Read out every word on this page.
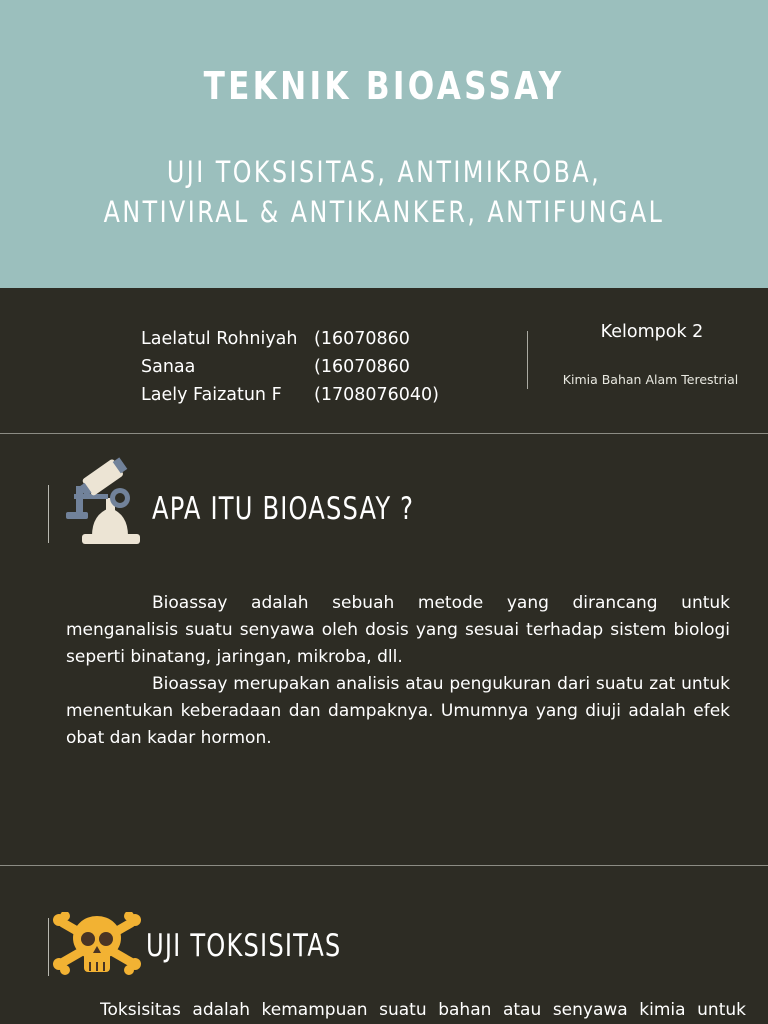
TEKNIK BIOASSAY
UJI TOKSISITAS, ANTIMIKROBA, ANTIVIRAL & ANTIKANKER, ANTIFUNGAL
Laelatul Rohniyah (16070860
Sanaa	(16070860
Laely Faizatun F	(1708076040)
Kelompok 2
Kimia Bahan Alam Terestrial
APA ITU BIOASSAY ?

Bioassay adalah sebuah metode yang dirancang untuk menganalisis suatu senyawa oleh dosis yang sesuai terhadap sistem biologi seperti binatang, jaringan, mikroba, dll.

Bioassay merupakan analisis atau pengukuran dari suatu zat untuk menentukan keberadaan dan dampaknya. Umumnya yang diuji adalah efek obat dan kadar hormon.

UJI TOKSISITAS
Toksisitas adalah kemampuan suatu bahan atau senyawa kimia untuk
